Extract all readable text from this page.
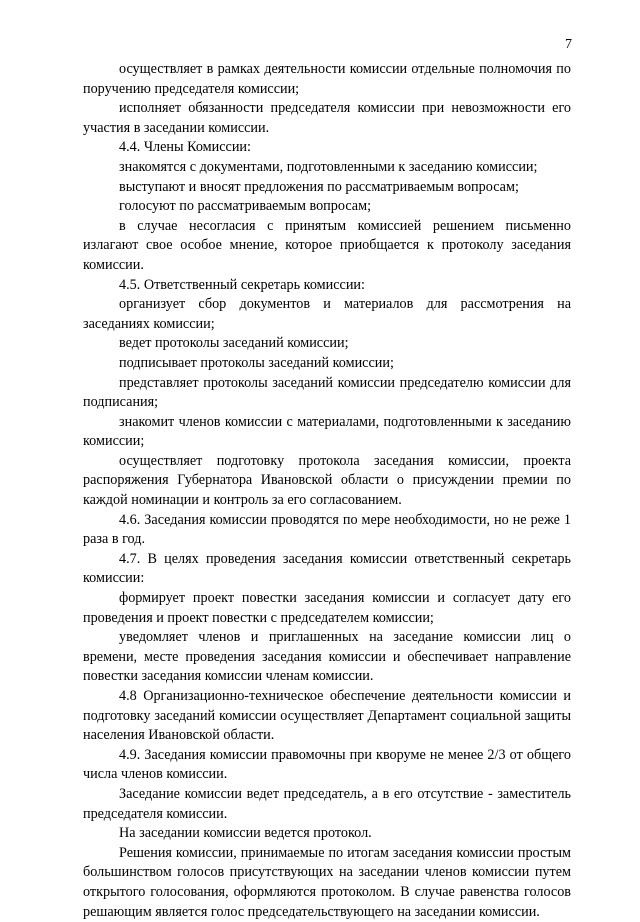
7

осуществляет в рамках деятельности комиссии отдельные полномочия по поручению председателя комиссии;

исполняет обязанности председателя комиссии при невозможности его участия в заседании комиссии.

4.4. Члены Комиссии:

знакомятся с документами, подготовленными к заседанию комиссии;

выступают и вносят предложения по рассматриваемым вопросам;

голосуют по рассматриваемым вопросам;

в случае несогласия с принятым комиссией решением письменно излагают свое особое мнение, которое приобщается к протоколу заседания комиссии.

4.5. Ответственный секретарь комиссии:

организует сбор документов и материалов для рассмотрения на заседаниях комиссии;

ведет протоколы заседаний комиссии;

подписывает протоколы заседаний комиссии;

представляет протоколы заседаний комиссии председателю комиссии для подписания;

знакомит членов комиссии с материалами, подготовленными к заседанию комиссии;

осуществляет подготовку протокола заседания комиссии, проекта распоряжения Губернатора Ивановской области о присуждении премии по каждой номинации и контроль за его согласованием.

4.6. Заседания комиссии проводятся по мере необходимости, но не реже 1 раза в год.

4.7. В целях проведения заседания комиссии ответственный секретарь комиссии:

формирует проект повестки заседания комиссии и согласует дату его проведения и проект повестки с председателем комиссии;

уведомляет членов и приглашенных на заседание комиссии лиц о времени, месте проведения заседания комиссии и обеспечивает направление повестки заседания комиссии членам комиссии.

4.8 Организационно-техническое обеспечение деятельности комиссии и подготовку заседаний комиссии осуществляет Департамент социальной защиты населения Ивановской области.

4.9. Заседания комиссии правомочны при кворуме не менее 2/3 от общего числа членов комиссии.

Заседание комиссии ведет председатель, а в его отсутствие - заместитель председателя комиссии.

На заседании комиссии ведется протокол.

Решения комиссии, принимаемые по итогам заседания комиссии простым большинством голосов присутствующих на заседании членов комиссии путем открытого голосования, оформляются протоколом. В случае равенства голосов решающим является голос председательствующего на заседании комиссии.
